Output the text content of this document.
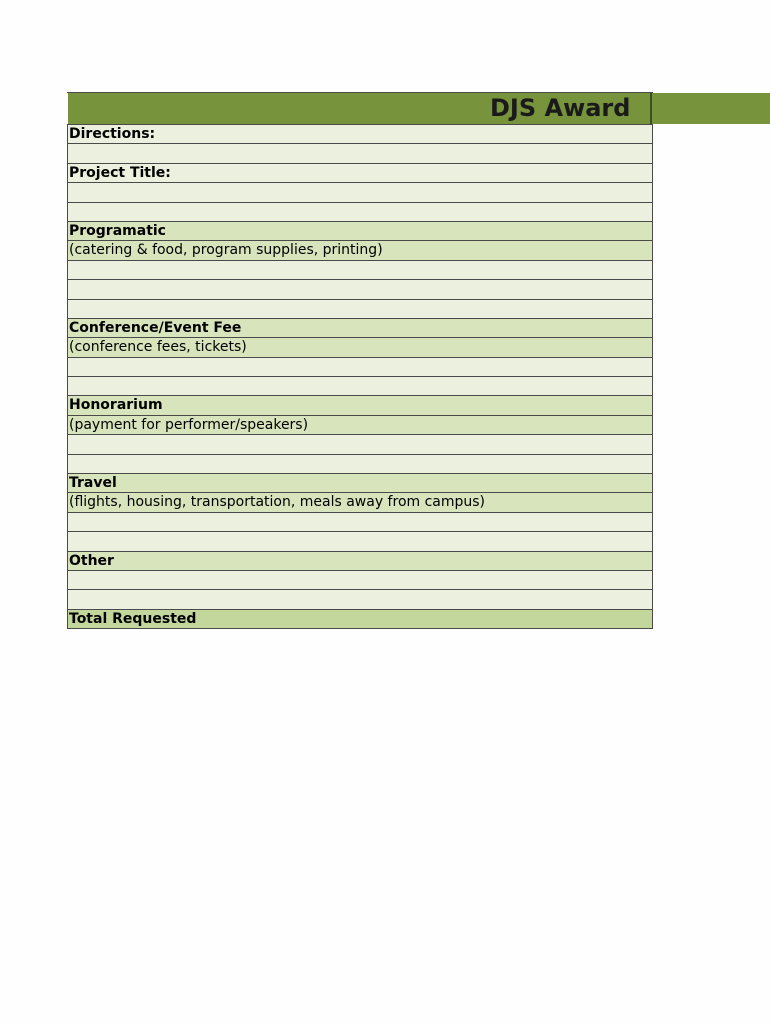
DJS Award
Directions:
Project Title:
Programatic
(catering & food, program supplies, printing)
Conference/Event Fee
(conference fees, tickets)
Honorarium
(payment for performer/speakers)
Travel
(flights, housing, transportation, meals away from campus)
Other
Total Requested
